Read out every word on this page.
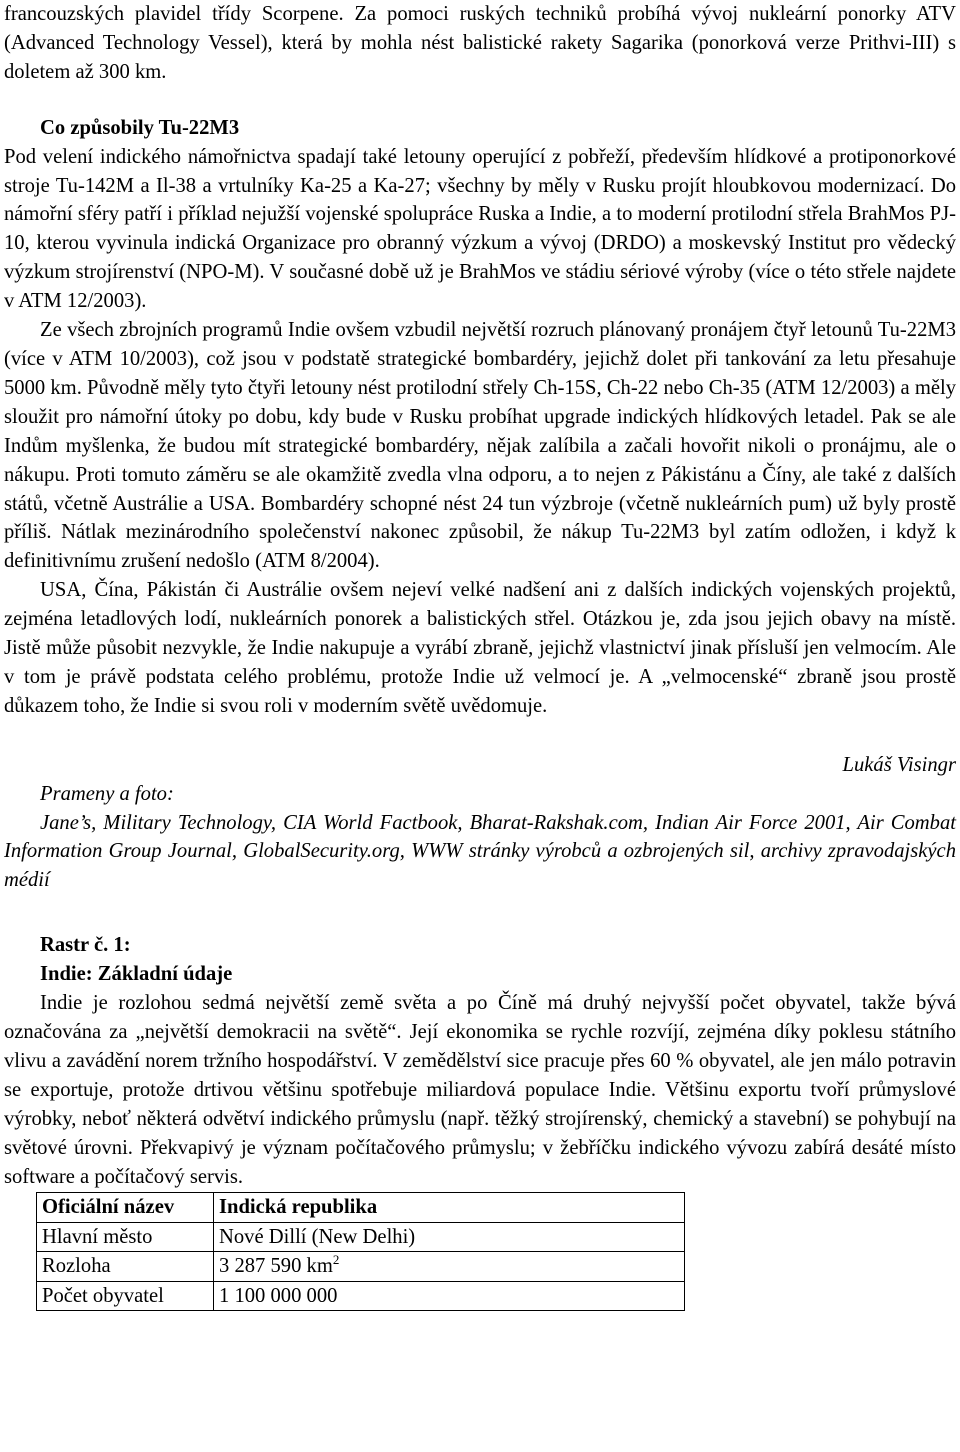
francouzských plavidel třídy Scorpene. Za pomoci ruských techniků probíhá vývoj nukleární ponorky ATV (Advanced Technology Vessel), která by mohla nést balistické rakety Sagarika (ponorková verze Prithvi-III) s doletem až 300 km.

Co způsobily Tu-22M3

Pod velení indického námořnictva spadají také letouny operující z pobřeží, především hlídkové a protiponorkové stroje Tu-142M a Il-38 a vrtulníky Ka-25 a Ka-27; všechny by měly v Rusku projít hloubkovou modernizací. Do námořní sféry patří i příklad nejužší vojenské spolupráce Ruska a Indie, a to moderní protilodní střela BrahMos PJ-10, kterou vyvinula indická Organizace pro obranný výzkum a vývoj (DRDO) a moskevský Institut pro vědecký výzkum strojírenství (NPO-M). V současné době už je BrahMos ve stádiu sériové výroby (více o této střele najdete v ATM 12/2003).

Ze všech zbrojních programů Indie ovšem vzbudil největší rozruch plánovaný pronájem čtyř letounů Tu-22M3 (více v ATM 10/2003), což jsou v podstatě strategické bombardéry, jejichž dolet při tankování za letu přesahuje 5000 km. Původně měly tyto čtyři letouny nést protilodní střely Ch-15S, Ch-22 nebo Ch-35 (ATM 12/2003) a měly sloužit pro námořní útoky po dobu, kdy bude v Rusku probíhat upgrade indických hlídkových letadel. Pak se ale Indům myšlenka, že budou mít strategické bombardéry, nějak zalíbila a začali hovořit nikoli o pronájmu, ale o nákupu. Proti tomuto záměru se ale okamžitě zvedla vlna odporu, a to nejen z Pákistánu a Číny, ale také z dalších států, včetně Austrálie a USA. Bombardéry schopné nést 24 tun výzbroje (včetně nukleárních pum) už byly prostě příliš. Nátlak mezinárodního společenství nakonec způsobil, že nákup Tu-22M3 byl zatím odložen, i když k definitivnímu zrušení nedošlo (ATM 8/2004).

USA, Čína, Pákistán či Austrálie ovšem nejeví velké nadšení ani z dalších indických vojenských projektů, zejména letadlových lodí, nukleárních ponorek a balistických střel. Otázkou je, zda jsou jejich obavy na místě. Jistě může působit nezvykle, že Indie nakupuje a vyrábí zbraně, jejichž vlastnictví jinak přísluší jen velmocím. Ale v tom je právě podstata celého problému, protože Indie už velmocí je. A „velmocenské“ zbraně jsou prostě důkazem toho, že Indie si svou roli v moderním světě uvědomuje.

Lukáš Visingr
Prameny a foto:

Jane’s, Military Technology, CIA World Factbook, Bharat-Rakshak.com, Indian Air Force 2001, Air Combat Information Group Journal, GlobalSecurity.org, WWW stránky výrobců a ozbrojených sil, archivy zpravodajských médií

Rastr č. 1:
Indie: Základní údaje

Indie je rozlohou sedmá největší země světa a po Číně má druhý nejvyšší počet obyvatel, takže bývá označována za „největší demokracii na světě“. Její ekonomika se rychle rozvíjí, zejména díky poklesu státního vlivu a zavádění norem tržního hospodářství. V zemědělství sice pracuje přes 60 % obyvatel, ale jen málo potravin se exportuje, protože drtivou většinu spotřebuje miliardová populace Indie. Většinu exportu tvoří průmyslové výrobky, neboť některá odvětví indického průmyslu (např. těžký strojírenský, chemický a stavební) se pohybují na světové úrovni. Překvapivý je význam počítačového průmyslu; v žebříčku indického vývozu zabírá desáté místo software a počítačový servis.

Oficiální název	Indická republika
Hlavní město	Nové Dillí (New Delhi)
Rozloha	3 287 590 $km^2$
Počet obyvatel	1 100 000 000
